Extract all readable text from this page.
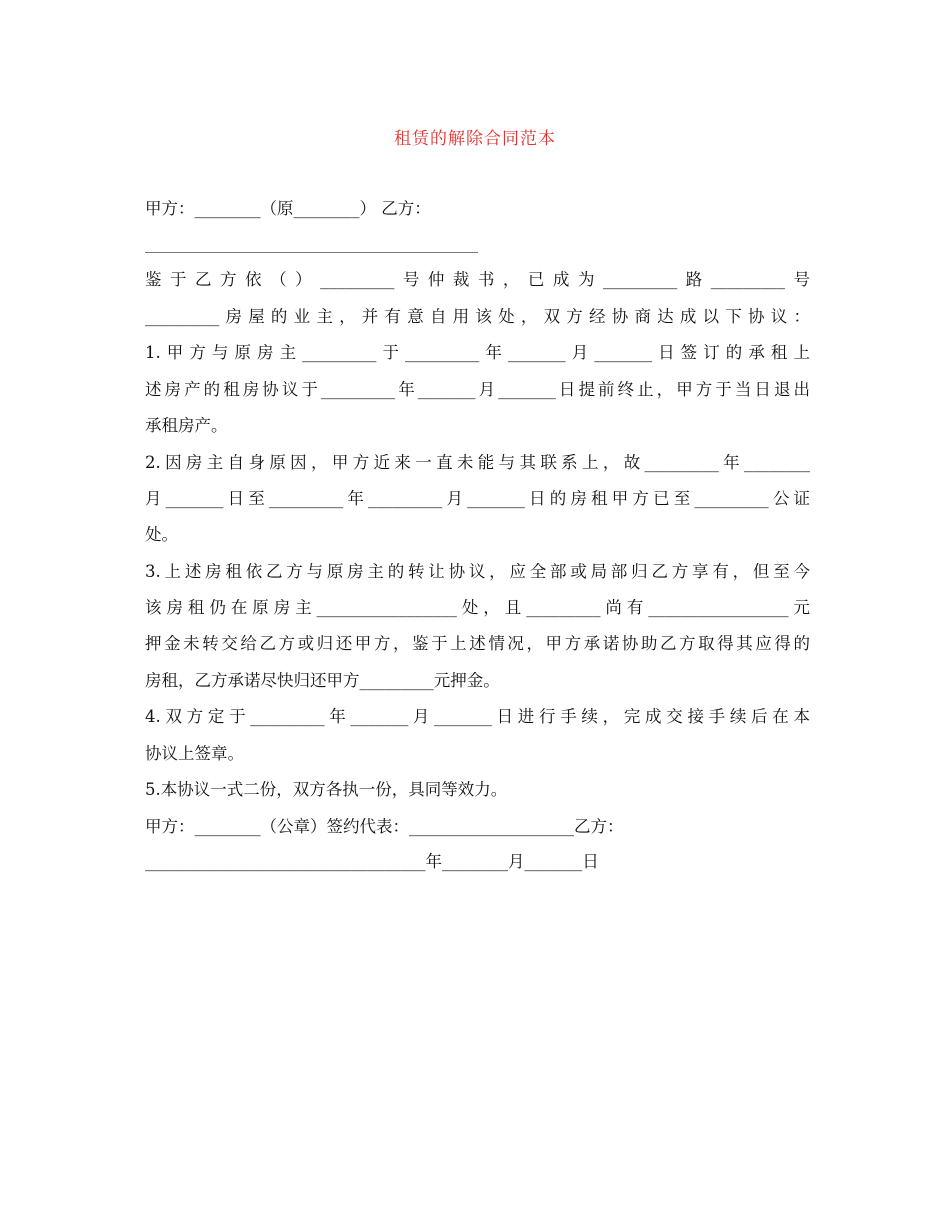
租赁的解除合同范本
甲方：________（原________） 乙方：
鉴于乙方依（）_________号仲裁书，已成为_________路_________号
_________房屋的业主，并有意自用该处，双方经协商达成以下协议：
1.甲方与原房主_________于_________年_______月_______日签订的承租上
述房产的租房协议于_________年_______月_______日提前终止，甲方于当日退出
承租房产。
2.因房主自身原因，甲方近来一直未能与其联系上，故_________年________
月_______日至_________年_________月_______日的房租甲方已至_________公证
处。
3.上述房租依乙方与原房主的转让协议，应全部或局部归乙方享有，但至今
该房租仍在原房主_________________处，且_________尚有_________________元
押金未转交给乙方或归还甲方，鉴于上述情况，甲方承诺协助乙方取得其应得的
房租，乙方承诺尽快归还甲方_________元押金。
4.双方定于_________年_______月_______日进行手续，完成交接手续后在本
协议上签章。
5.本协议一式二份，双方各执一份，具同等效力。
甲方：________（公章）签约代表：____________________乙方：
__________________________________年________月_______日
